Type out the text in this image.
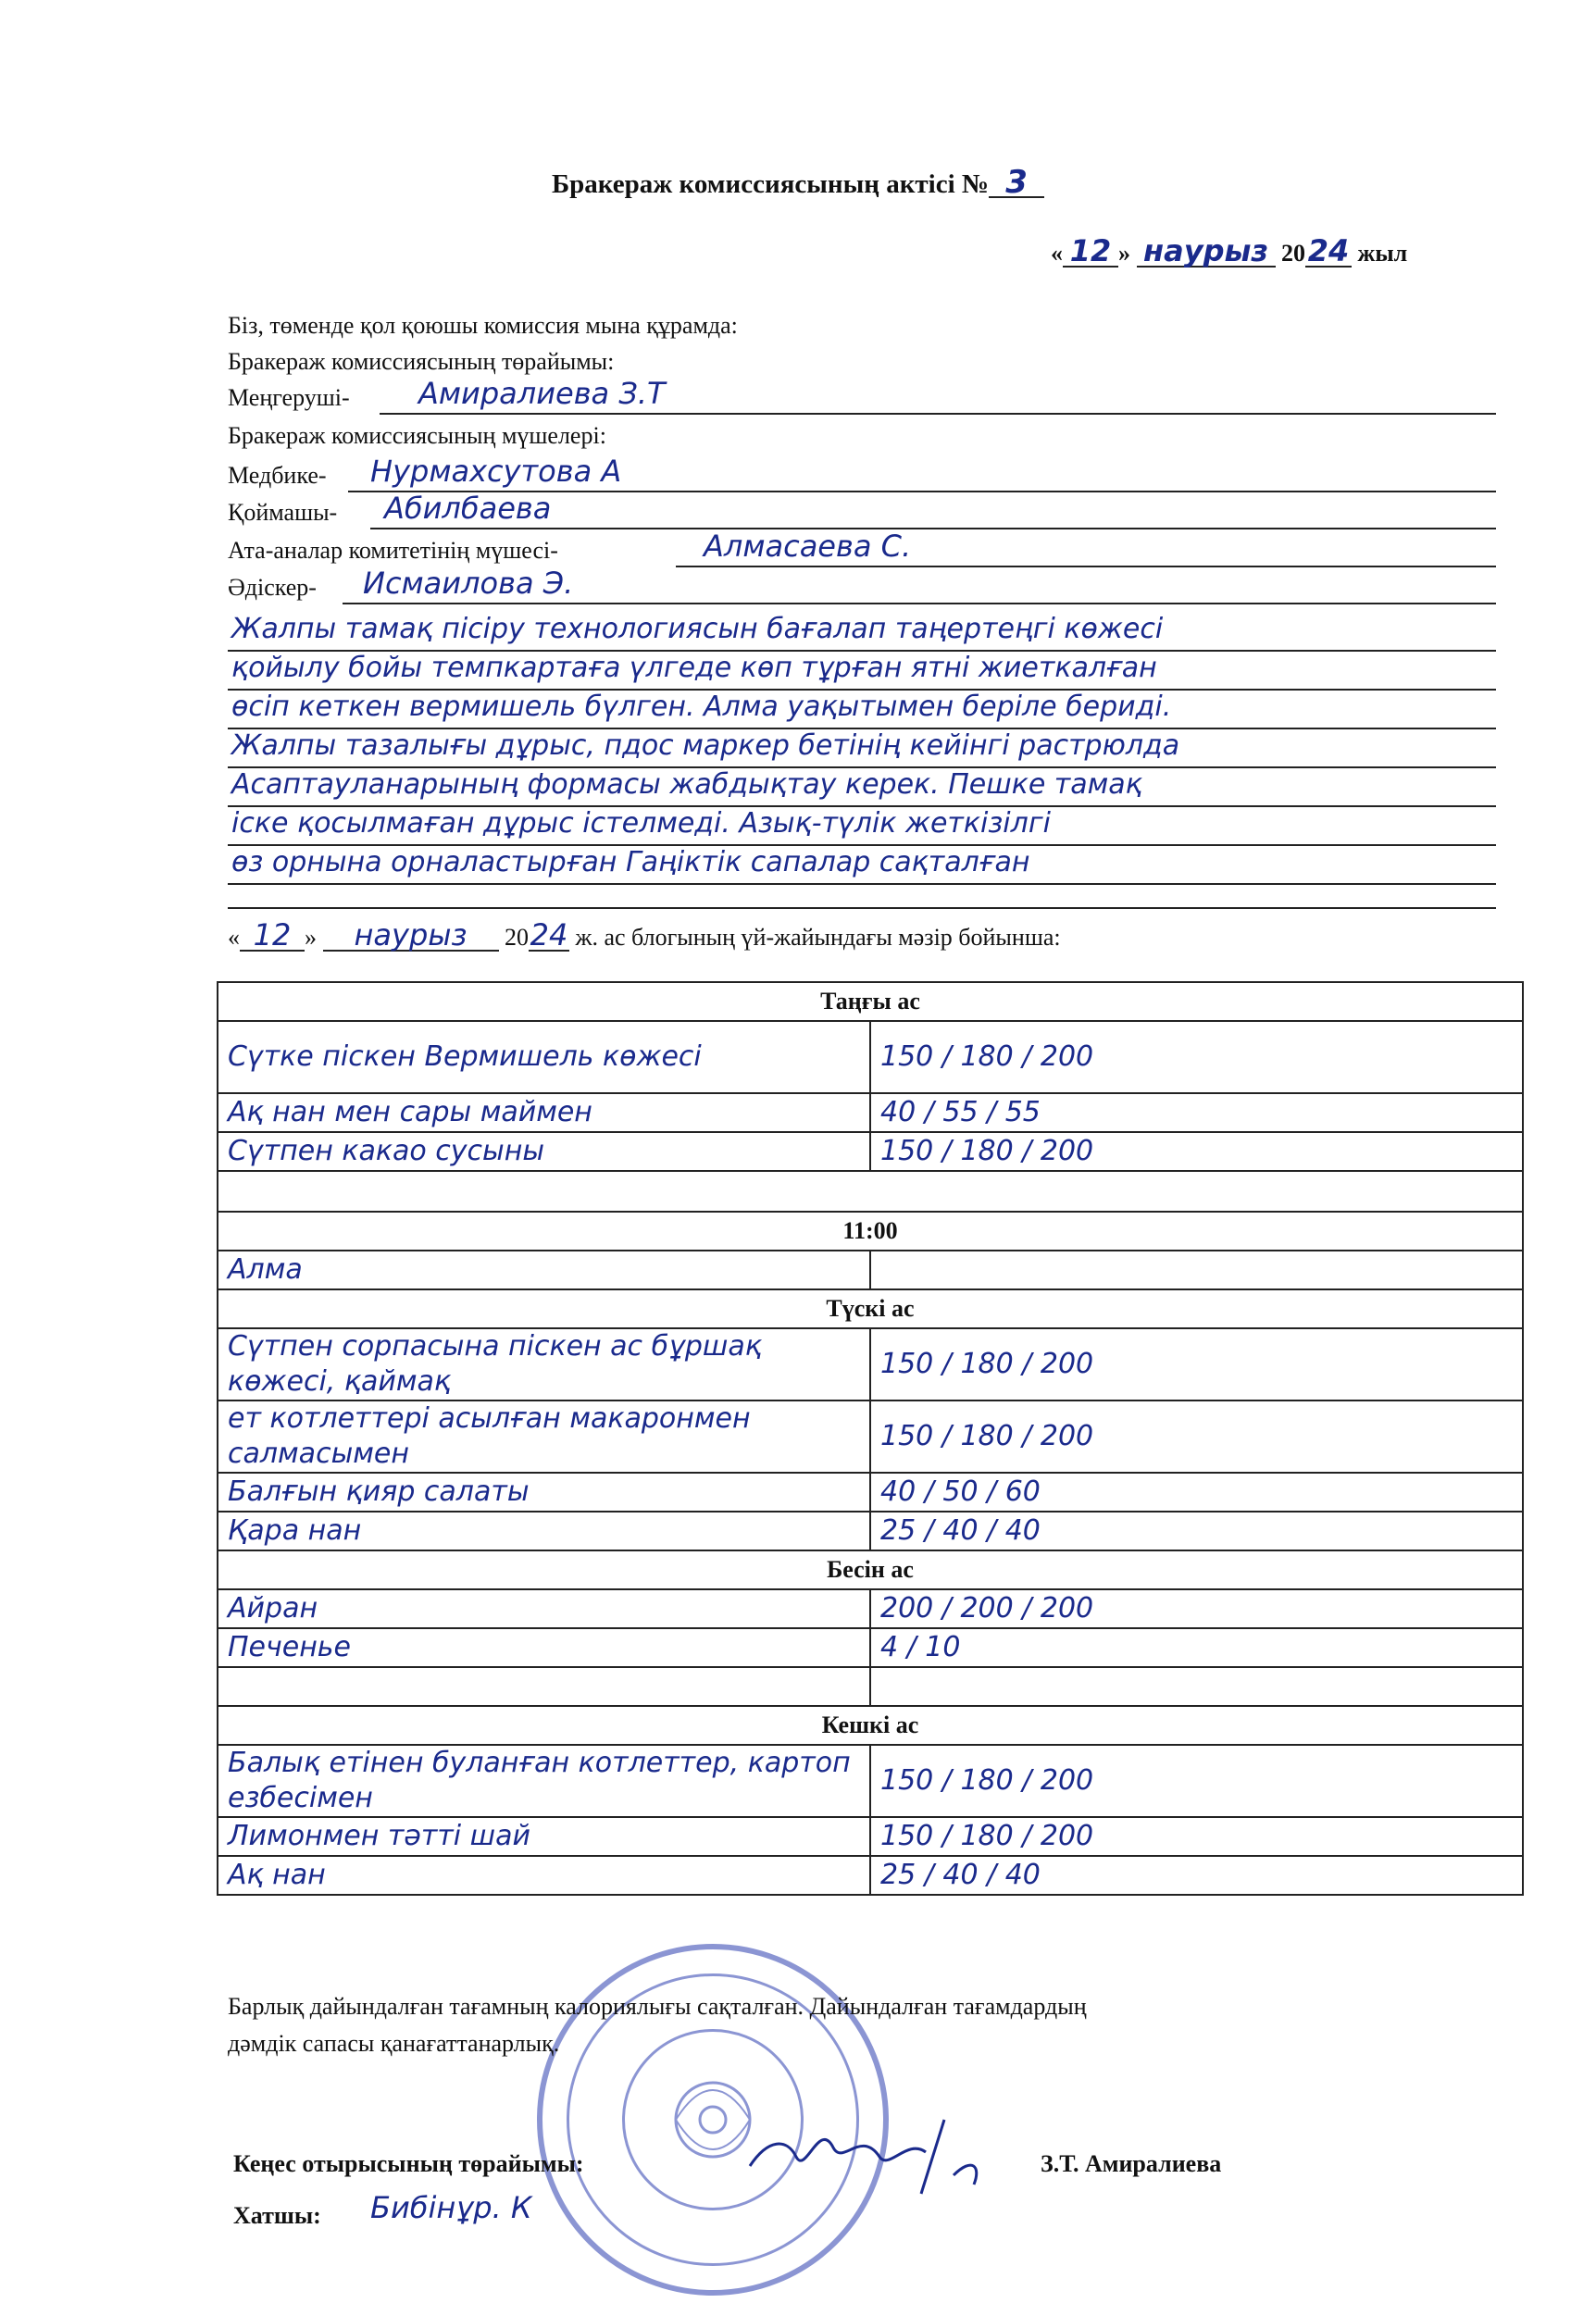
Бракераж комиссиясының актісі № 3
« 12 » наурыз 2024 жыл
Біз, төменде қол қоюшы комиссия мына құрамда:
Бракераж комиссиясының төрайымы:
Меңгеруші- Амиралиева З.Т
Бракераж комиссиясының мүшелері:
Медбике- Нурмахсутова А
Қоймашы- Абилбаева
Ата-аналар комитетінің мүшесі-	Алмасаева С.
Әдіскер- Исмаилова Э.
Жалпы тамақ пісіру технологиясын бағалап таңертеңгі көжесі
қойылу бойы темпкартаға үлгеде көп тұрған ятні жиеткалған
өсіп кеткен вермишель бүлген. Алма уақытымен беріле бериді.
Жалпы тазалығы дұрыс, пдос маркер бетінің кейінгі растрюлда
Асаптауланарының формасы жабдықтау керек. Пешке тамақ
іске қосылмаған дұрыс істелмеді. Азық-түлік жеткізілгі
өз орнына орналастырған Гаңіктік сапалар сақталған
« 12 » наурыз 2024 ж. ас блогының үй-жайындағы мәзір бойынша:
Таңғы ас	

Сүтке піскен Вермишель көжесі	150 / 180 / 200

Ақ нан мен сары маймен	40 / 55 / 55

Сүтпен какао сусыны	150 / 180 / 200

11:00	

Алма	

Түскі ас	

Сүтпен сорпасына піскен ас бұршақ көжесі, қаймақ	150 / 180 / 200

ет котлеттері асылған макаронмен салмасымен	150 / 180 / 200

Балғын қияр салаты	40 / 50 / 60

Қара нан	25 / 40 / 40

Бесін ас	

Айран	200 / 200 / 200

Печенье	4 / 10

Кешкі ас	

Балық етінен буланған котлеттер, картоп езбесімен	150 / 180 / 200

Лимонмен тәтті шай	150 / 180 / 200

Ақ нан	25 / 40 / 40
Барлық дайындалған тағамның калориялығы сақталған. Дайындалған тағамдардың
дәмдік сапасы қанағаттанарлық.
Кеңес отырысының төрайымы:	З.Т. Амиралиева
Хатшы: Бибінұр. К
